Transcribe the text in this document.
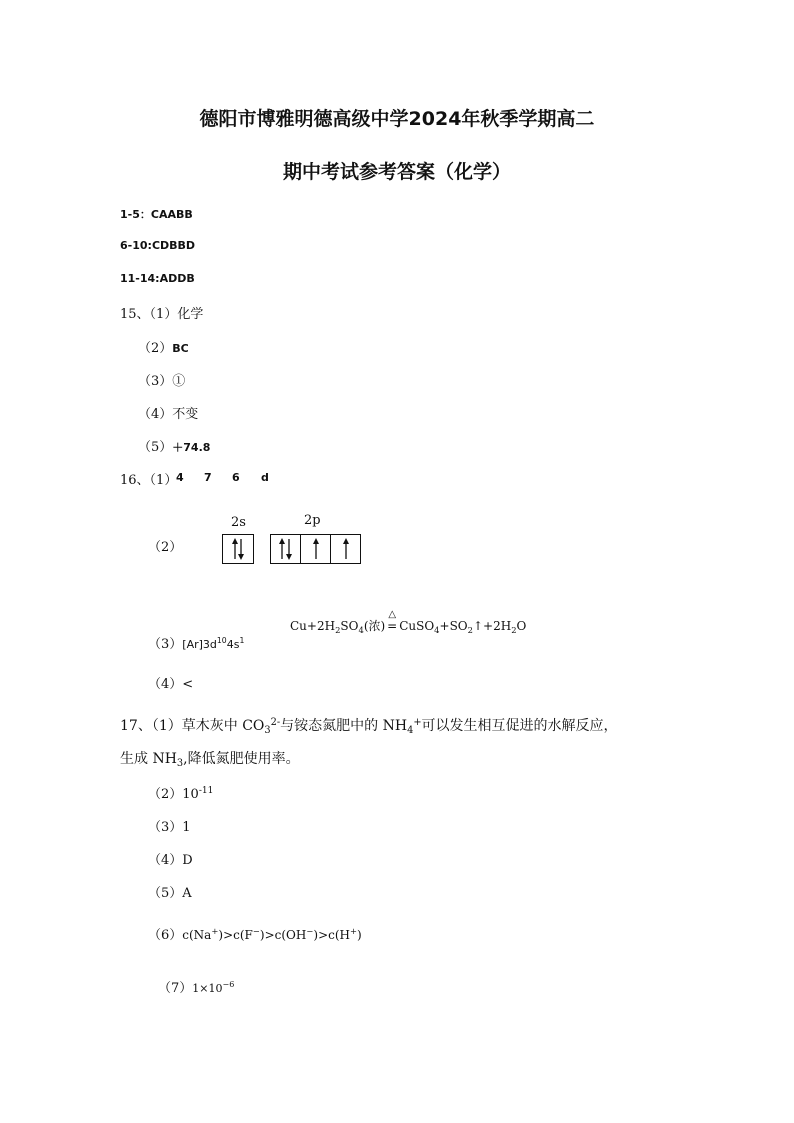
德阳市博雅明德高级中学2024年秋季学期高二
期中考试参考答案（化学）
1-5：CAABB
6-10:CDBBD
11-14:ADDB
15、（1）化学
（2）BC
（3）①
（4）不变
（5）＋74.8
16、（1）
4 7 6 d
（2）
2s	2p
$Cu+2H_2SO_4$(浓)
△
= $CuSO_4+SO_2↑+2H_2O$
$(3)[Ar]3d^{10}4s^1$
（4）<
17、（1）草木灰中 $CO_3^{2-}$与铵态氮肥中的 $NH_4^+$可以发生相互促进的水解反应，
生成 $NH_3$,降低氮肥使用率。
$(2)10^{-11}$
（3）1
（4）D
（5）A
（6）c(Na+)>c(F−)>c(OH−)>c(H+)
$(7)1\times 10^{-6}$
